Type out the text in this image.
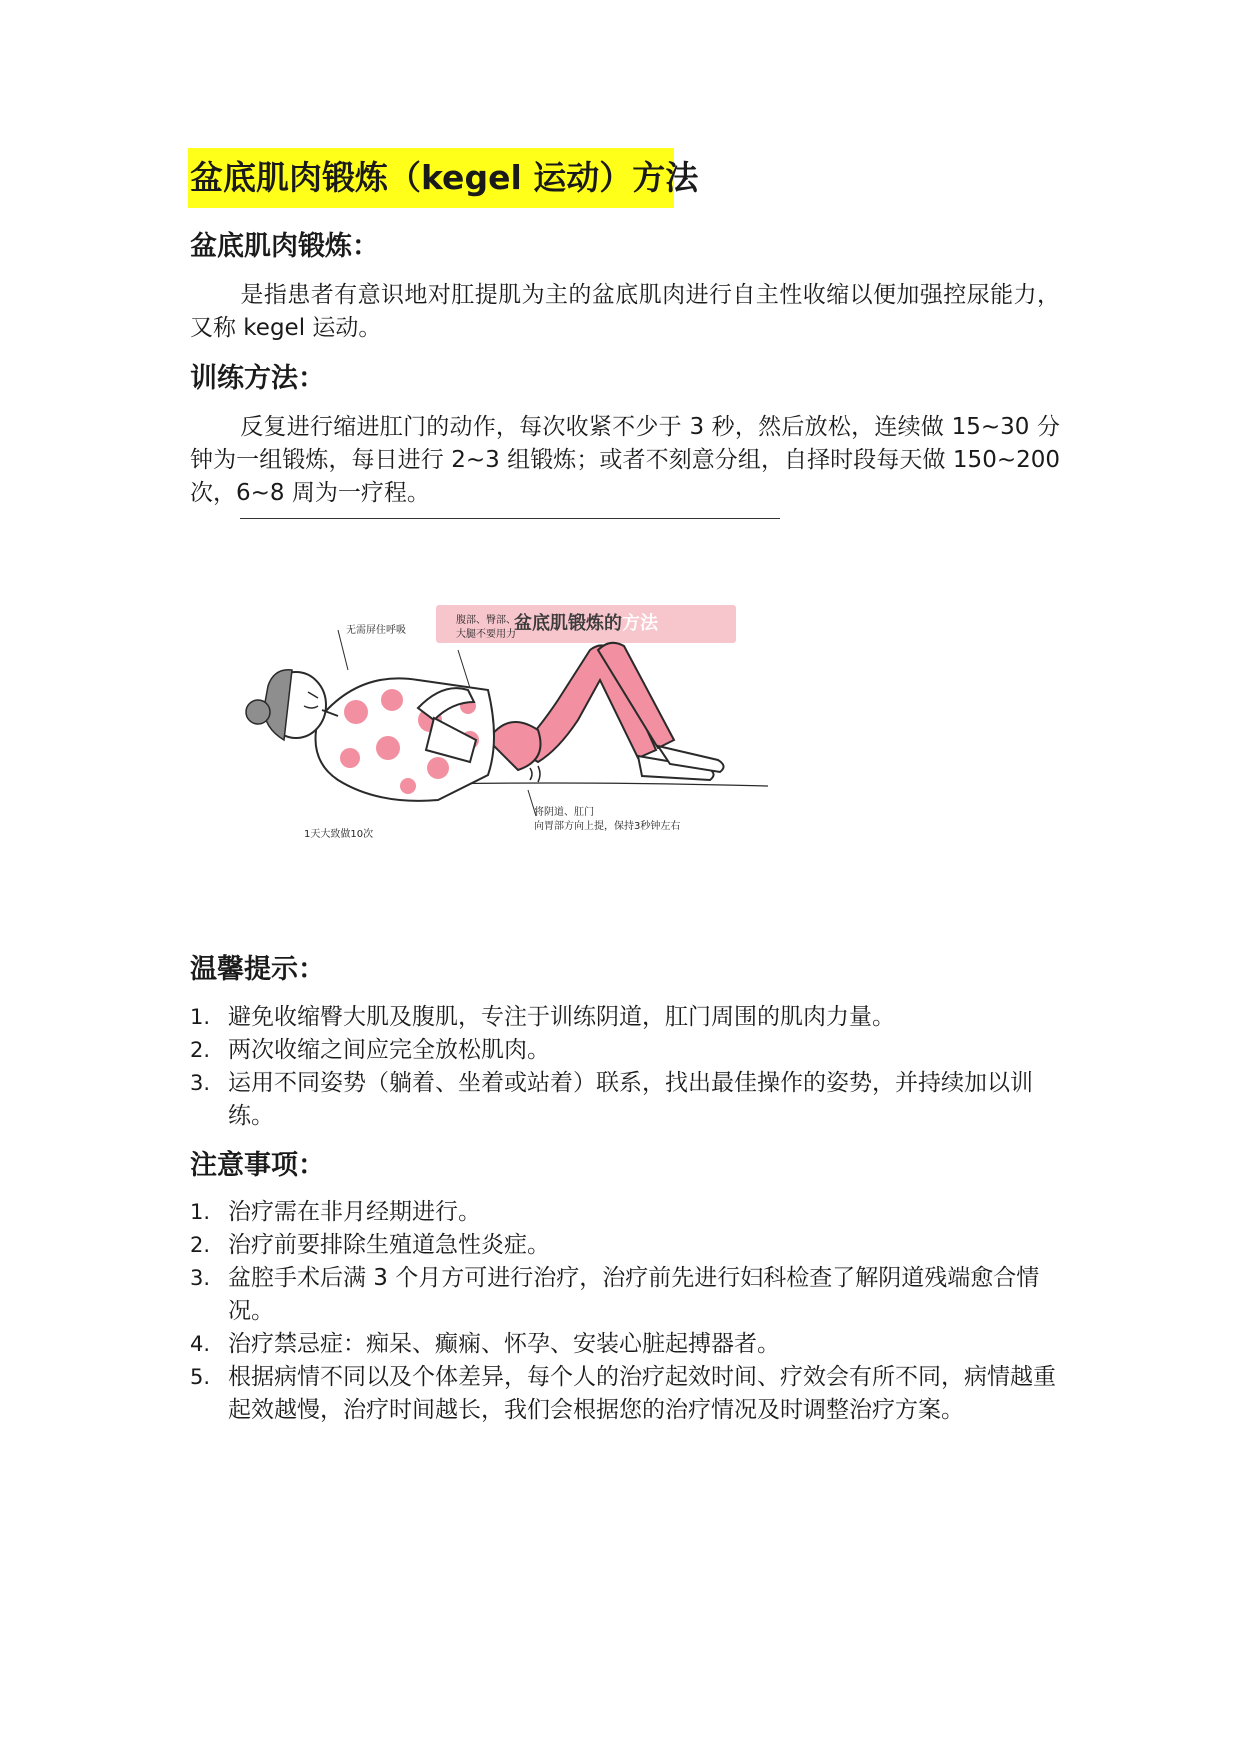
盆底肌肉锻炼（kegel 运动）方法
盆底肌肉锻炼：
是指患者有意识地对肛提肌为主的盆底肌肉进行自主性收缩以便加强控尿能力，又称 kegel 运动。
训练方法：
反复进行缩进肛门的动作，每次收紧不少于 3 秒，然后放松，连续做 15~30 分钟为一组锻炼，每日进行 2~3 组锻炼；或者不刻意分组，自择时段每天做 150~200 次，6~8 周为一疗程。
盆底肌锻炼的方法
无需屏住呼吸
腹部、臀部、
大腿不要用力
将阴道、肛门
向胃部方向上提，保持3秒钟左右
1天大致做10次
温馨提示：
1. 避免收缩臀大肌及腹肌，专注于训练阴道，肛门周围的肌肉力量。
2. 两次收缩之间应完全放松肌肉。
3. 运用不同姿势（躺着、坐着或站着）联系，找出最佳操作的姿势，并持续加以训练。
注意事项：
1. 治疗需在非月经期进行。
2. 治疗前要排除生殖道急性炎症。
3. 盆腔手术后满 3 个月方可进行治疗，治疗前先进行妇科检查了解阴道残端愈合情况。
4. 治疗禁忌症：痴呆、癫痫、怀孕、安装心脏起搏器者。
5. 根据病情不同以及个体差异，每个人的治疗起效时间、疗效会有所不同，病情越重起效越慢，治疗时间越长，我们会根据您的治疗情况及时调整治疗方案。
